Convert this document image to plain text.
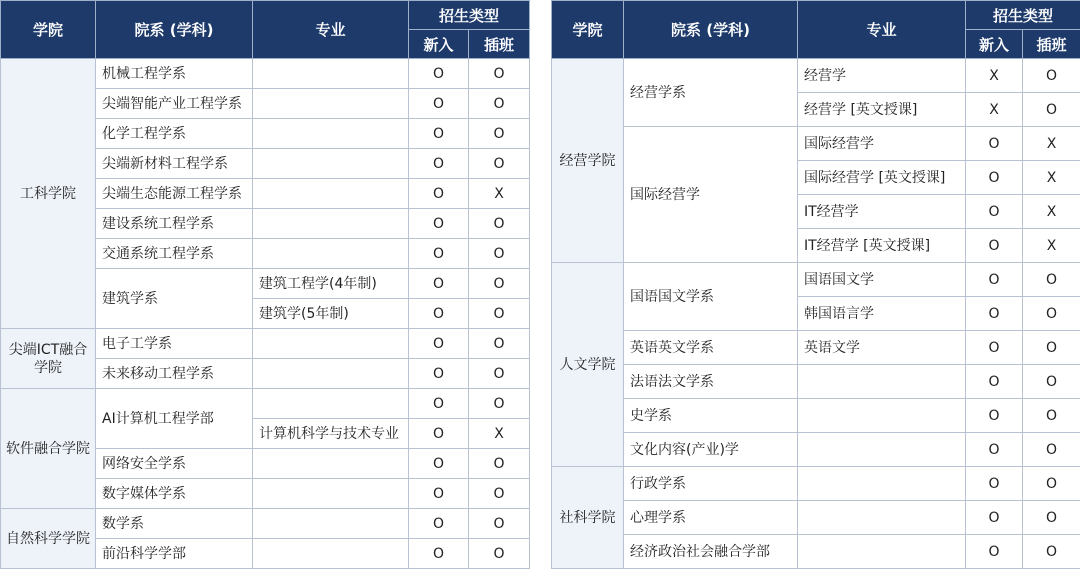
学院	院系 (学科)	专业	招生类型	
			新入	插班
工科学院	机械工程学系		O	O
	尖端智能产业工程学系		O	O
	化学工程学系		O	O
	尖端新材料工程学系		O	O
	尖端生态能源工程学系		O	X
	建设系统工程学系		O	O
	交通系统工程学系		O	O
	建筑学系	建筑工程学(4年制)	O	O
		建筑学(5年制)	O	O
尖端ICT融合学院	电子工学系		O	O
	未来移动工程学系		O	O
软件融合学院	AI计算机工程学部		O	O
		计算机科学与技术专业	O	X
	网络安全学系		O	O
	数字媒体学系		O	O
自然科学学院	数学系		O	O
	前沿科学学部		O	O
学院	院系 (学科)	专业	招生类型	
			新入	插班
经营学院	经营学系	经营学	X	O
		经营学 [英文授课]	X	O
	国际经营学	国际经营学	O	X
		国际经营学 [英文授课]	O	X
		IT经营学	O	X
		IT经营学 [英文授课]	O	X
人文学院	国语国文学系	国语国文学	O	O
		韩国语言学	O	O
	英语英文学系	英语文学	O	O
	法语法文学系		O	O
	史学系		O	O
	文化内容(产业)学		O	O
社科学院	行政学系		O	O
	心理学系		O	O
	经济政治社会融合学部		O	O
